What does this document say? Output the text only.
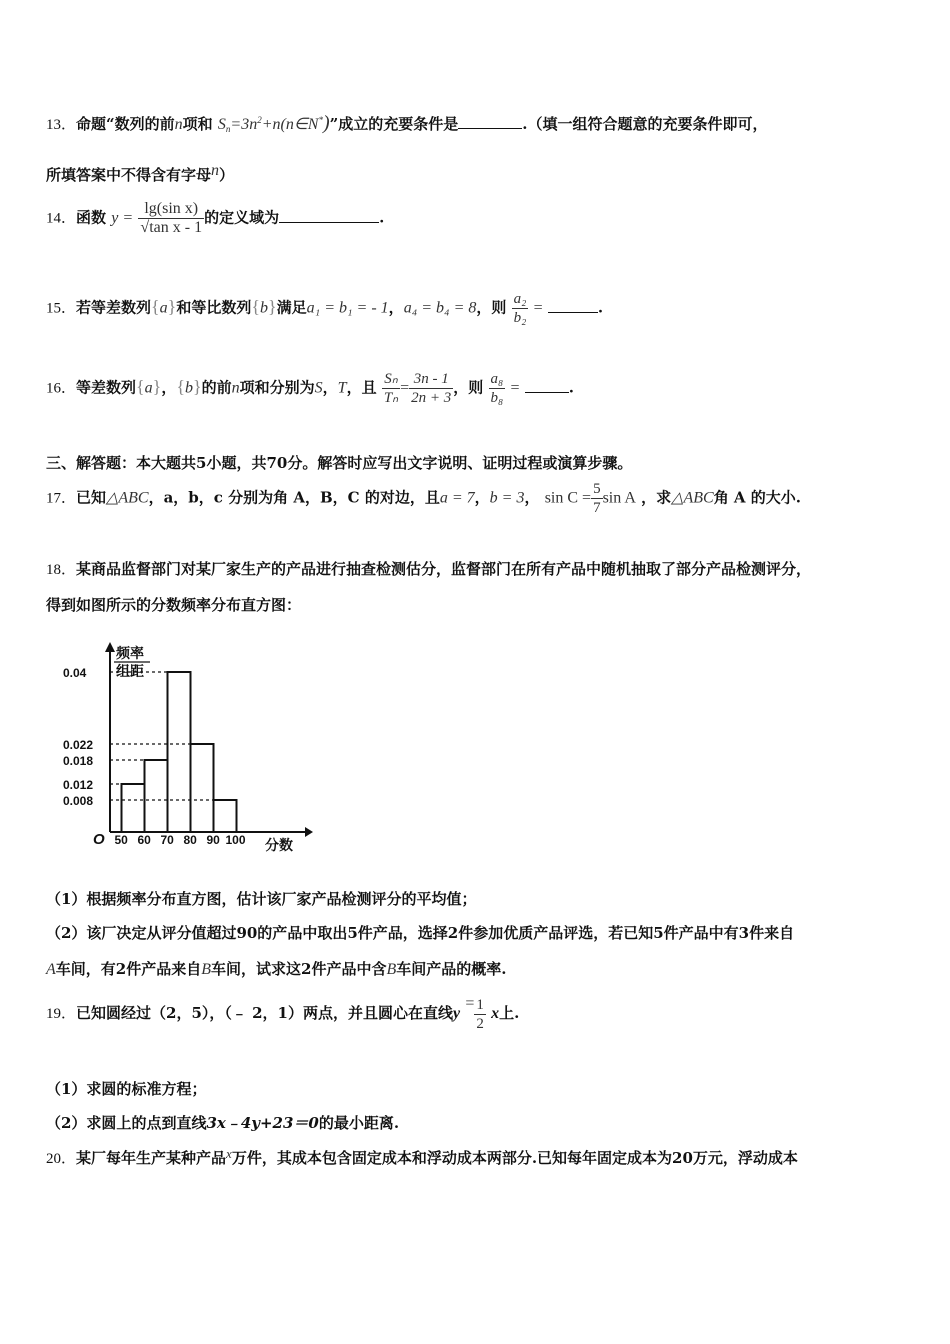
13．命题“数列的前n项和 $S_n=3n^2+n(n\in N^*)$”成立的充要条件是	.（填一组符合题意的充要条件即可，
所填答案中不得含有字母n）
14．函数 $y = \frac{\text{lg(sin x)}}{\text{√tan x - 1}}$ 的定义域为	.
15．若等差数列{a}和等比数列{b}满足a₁ = b₁ = - 1，a₄ = b₄ = 8，则 $\frac{\text{a₂}}{\text{b₂}}$ =	.
16．等差数列{a}，{b}的前n项和分别为S，T，且 $\frac{\text{Sₙ}}{\text{Tₙ}} = \frac{3n - 1}{2n + 3}$ ，则 $\frac{\text{a₈}}{\text{b₈}}$ =	.
三、解答题：本大题共5小题，共70分。解答时应写出文字说明、证明过程或演算步骤。
17．已知△ABC，a，b，c 分别为角 A，B，C 的对边，且a = 7，b = 3， $\sin C = \frac{5}{7}$ sin A ，求△ABC角 A 的大小.
18．某商品监督部门对某厂家生产的产品进行抽查检测估分，监督部门在所有产品中随机抽取了部分产品检测评分，
得到如图所示的分数频率分布直方图：
频率
组距
分数
O
0.04
0.022
0.018
0.012
0.008
50 60 70 80 90 100
（1）根据频率分布直方图，估计该厂家产品检测评分的平均值；
（2）该厂决定从评分值超过90的产品中取出5件产品，选择2件参加优质产品评选，若已知5件产品中有3件来自
A车间，有2件产品来自B车间，试求这2件产品中含B车间产品的概率.
19．已知圆经过（2，5），（﹣ 2，1）两点，并且圆心在直线$y = \frac{1}{2}$ x上.
（1）求圆的标准方程；
（2）求圆上的点到直线3x﹣4y+23＝0的最小距离.
20．某厂每年生产某种产品x万件，其成本包含固定成本和浮动成本两部分.已知每年固定成本为20万元，浮动成本
